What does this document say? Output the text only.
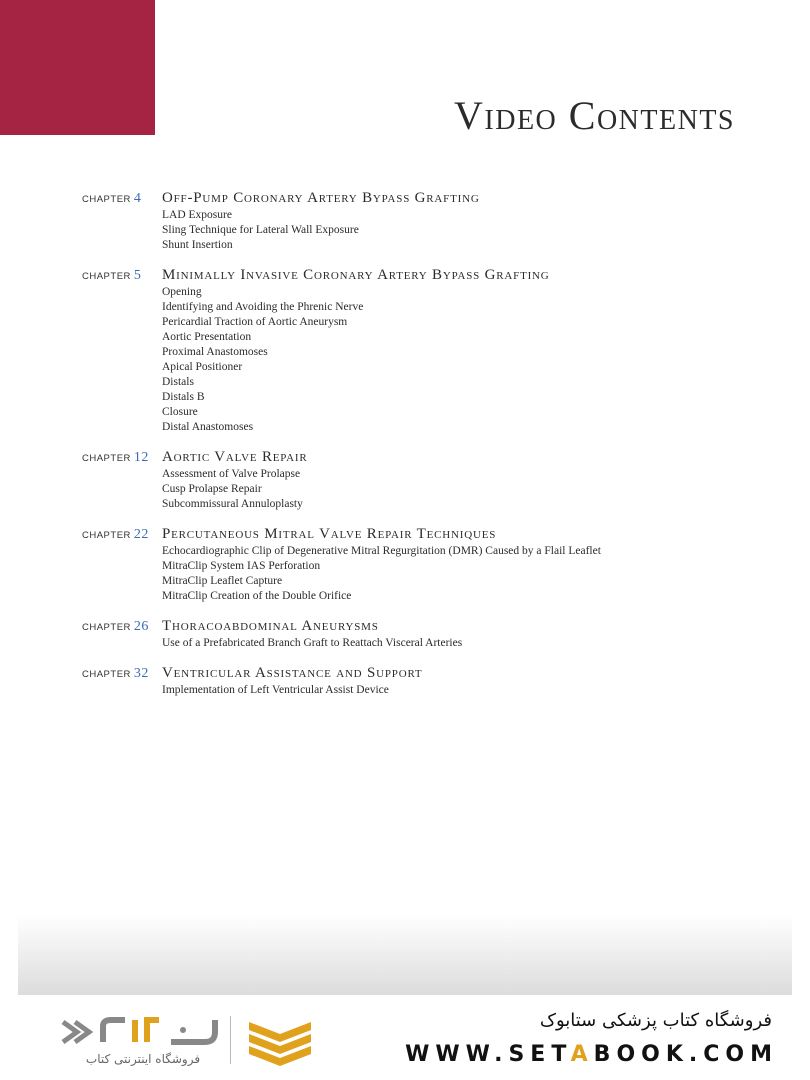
Video Contents
CHAPTER 4	Off-Pump Coronary Artery Bypass Grafting
LAD Exposure
Sling Technique for Lateral Wall Exposure
Shunt Insertion
CHAPTER 5	Minimally Invasive Coronary Artery Bypass Grafting
Opening
Identifying and Avoiding the Phrenic Nerve
Pericardial Traction of Aortic Aneurysm
Aortic Presentation
Proximal Anastomoses
Apical Positioner
Distals
Distals B
Closure
Distal Anastomoses
CHAPTER 12 Aortic Valve Repair
Assessment of Valve Prolapse
Cusp Prolapse Repair
Subcommissural Annuloplasty
CHAPTER 22 Percutaneous Mitral Valve Repair Techniques
Echocardiographic Clip of Degenerative Mitral Regurgitation (DMR) Caused by a Flail Leaflet
MitraClip System IAS Perforation
MitraClip Leaflet Capture
MitraClip Creation of the Double Orifice
CHAPTER 26 Thoracoabdominal Aneurysms
Use of a Prefabricated Branch Graft to Reattach Visceral Arteries
CHAPTER 32 Ventricular Assistance and Support
Implementation of Left Ventricular Assist Device
فروشگاه اینترنتی کتاب
فروشگاه کتاب پزشکی ستابوک
WWW.SETABOOK.COM
